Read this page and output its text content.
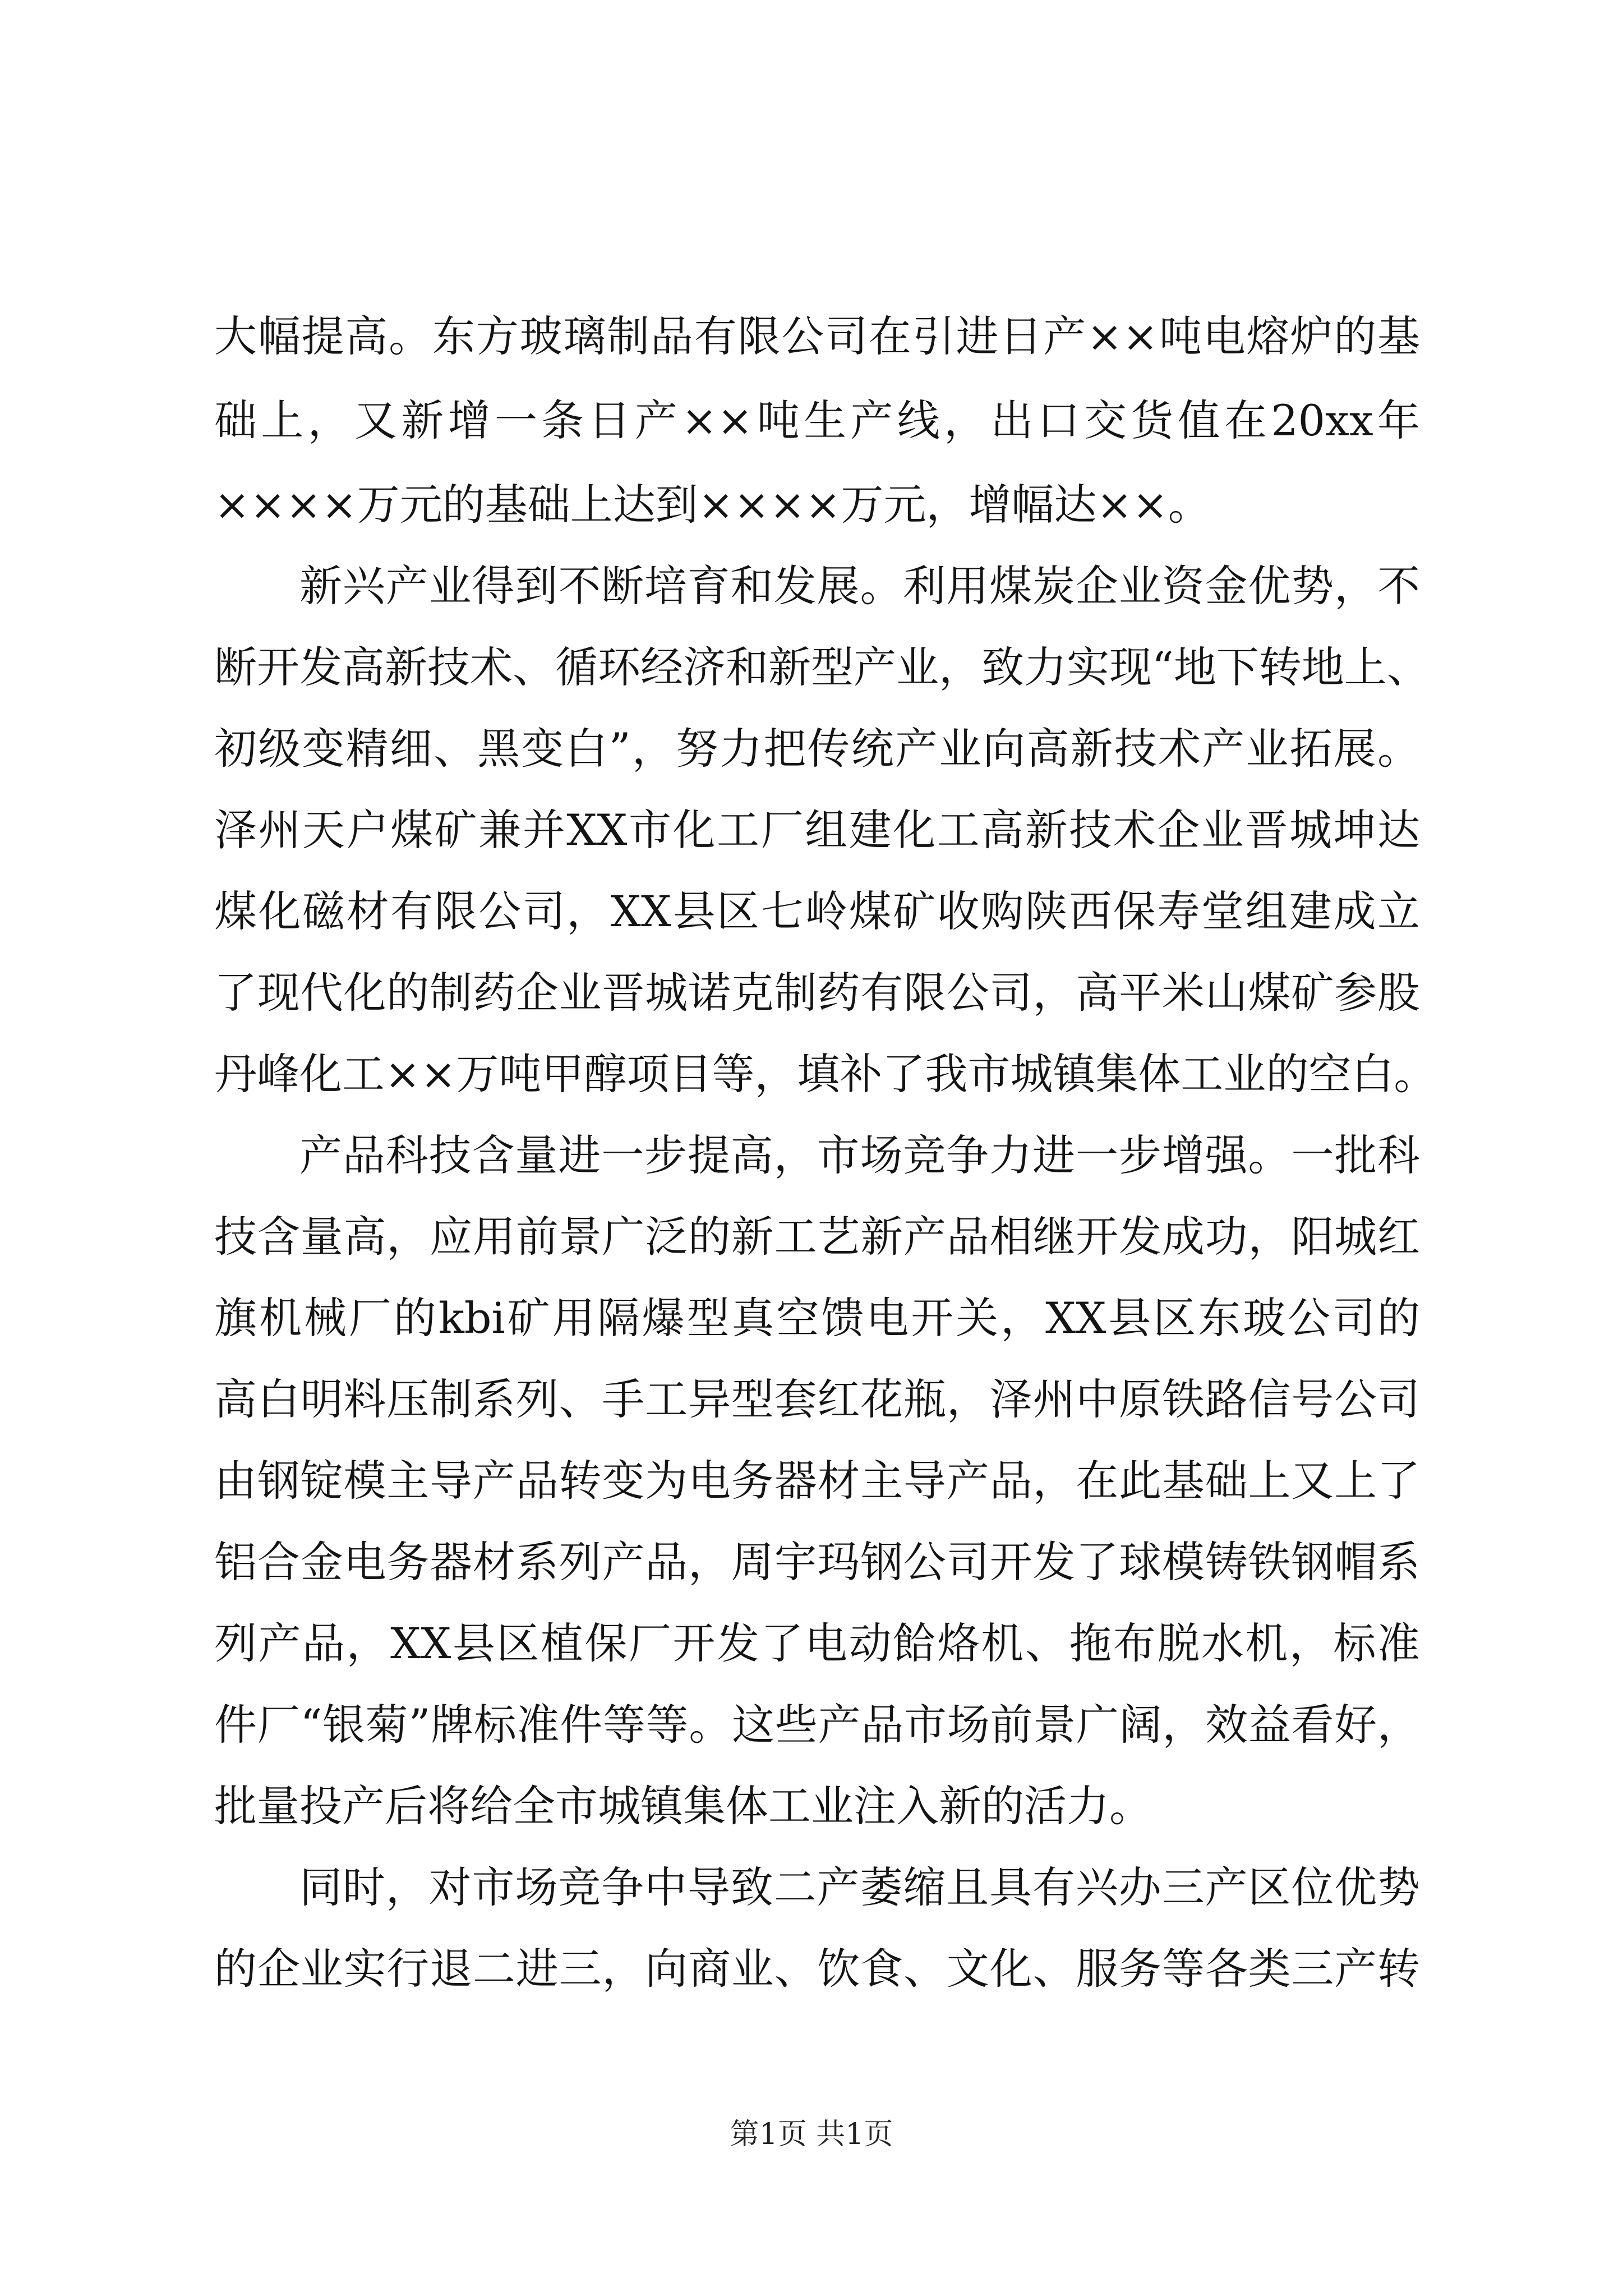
大幅提高。东方玻璃制品有限公司在引进日产××吨电熔炉的基
础上，又新增一条日产××吨生产线，出口交货值在20xx年
××××万元的基础上达到××××万元，增幅达××。
新兴产业得到不断培育和发展。利用煤炭企业资金优势，不
断开发高新技术、循环经济和新型产业，致力实现“地下转地上、
初级变精细、黑变白”，努力把传统产业向高新技术产业拓展。
泽州天户煤矿兼并XX市化工厂组建化工高新技术企业晋城坤达
煤化磁材有限公司，XX县区七岭煤矿收购陕西保寿堂组建成立
了现代化的制药企业晋城诺克制药有限公司，高平米山煤矿参股
丹峰化工××万吨甲醇项目等，填补了我市城镇集体工业的空白。
产品科技含量进一步提高，市场竞争力进一步增强。一批科
技含量高，应用前景广泛的新工艺新产品相继开发成功，阳城红
旗机械厂的kbi矿用隔爆型真空馈电开关，XX县区东玻公司的
高白明料压制系列、手工异型套红花瓶，泽州中原铁路信号公司
由钢锭模主导产品转变为电务器材主导产品，在此基础上又上了
铝合金电务器材系列产品，周宇玛钢公司开发了球模铸铁钢帽系
列产品，XX县区植保厂开发了电动餄烙机、拖布脱水机，标准
件厂“银菊”牌标准件等等。这些产品市场前景广阔，效益看好，
批量投产后将给全市城镇集体工业注入新的活力。
同时，对市场竞争中导致二产萎缩且具有兴办三产区位优势
的企业实行退二进三，向商业、饮食、文化、服务等各类三产转
第1页 共1页
